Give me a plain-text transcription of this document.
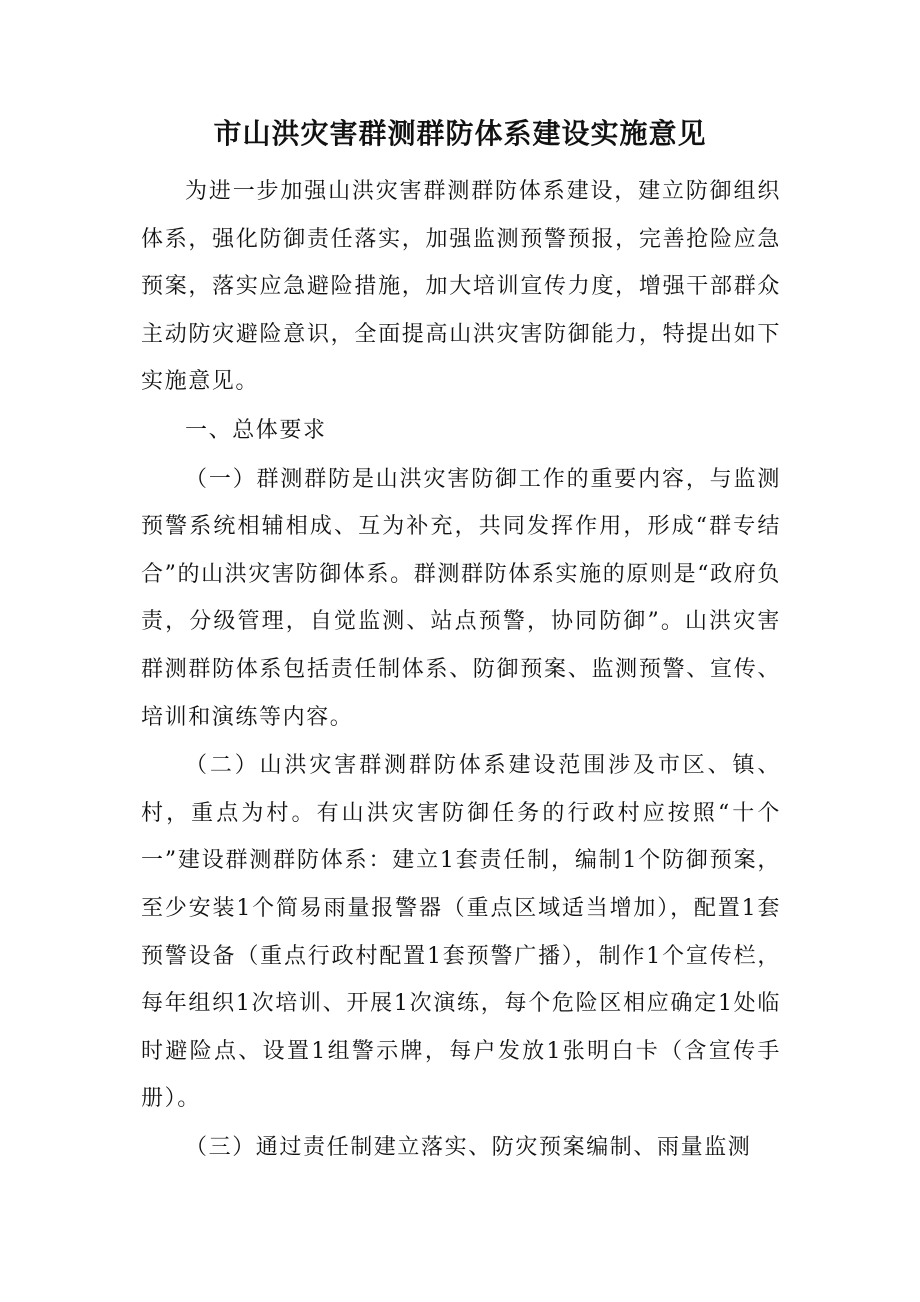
市山洪灾害群测群防体系建设实施意见

为进一步加强山洪灾害群测群防体系建设，建立防御组织体系，强化防御责任落实，加强监测预警预报，完善抢险应急预案，落实应急避险措施，加大培训宣传力度，增强干部群众主动防灾避险意识，全面提高山洪灾害防御能力，特提出如下实施意见。

一、总体要求

（一）群测群防是山洪灾害防御工作的重要内容，与监测预警系统相辅相成、互为补充，共同发挥作用，形成“群专结合”的山洪灾害防御体系。群测群防体系实施的原则是“政府负责，分级管理，自觉监测、站点预警，协同防御”。山洪灾害群测群防体系包括责任制体系、防御预案、监测预警、宣传、培训和演练等内容。

（二）山洪灾害群测群防体系建设范围涉及市区、镇、村，重点为村。有山洪灾害防御任务的行政村应按照“十个一”建设群测群防体系：建立1套责任制，编制1个防御预案，至少安装1个简易雨量报警器（重点区域适当增加），配置1套预警设备（重点行政村配置1套预警广播），制作1个宣传栏，每年组织1次培训、开展1次演练，每个危险区相应确定1处临时避险点、设置1组警示牌，每户发放1张明白卡（含宣传手册）。

（三）通过责任制建立落实、防灾预案编制、雨量监测
